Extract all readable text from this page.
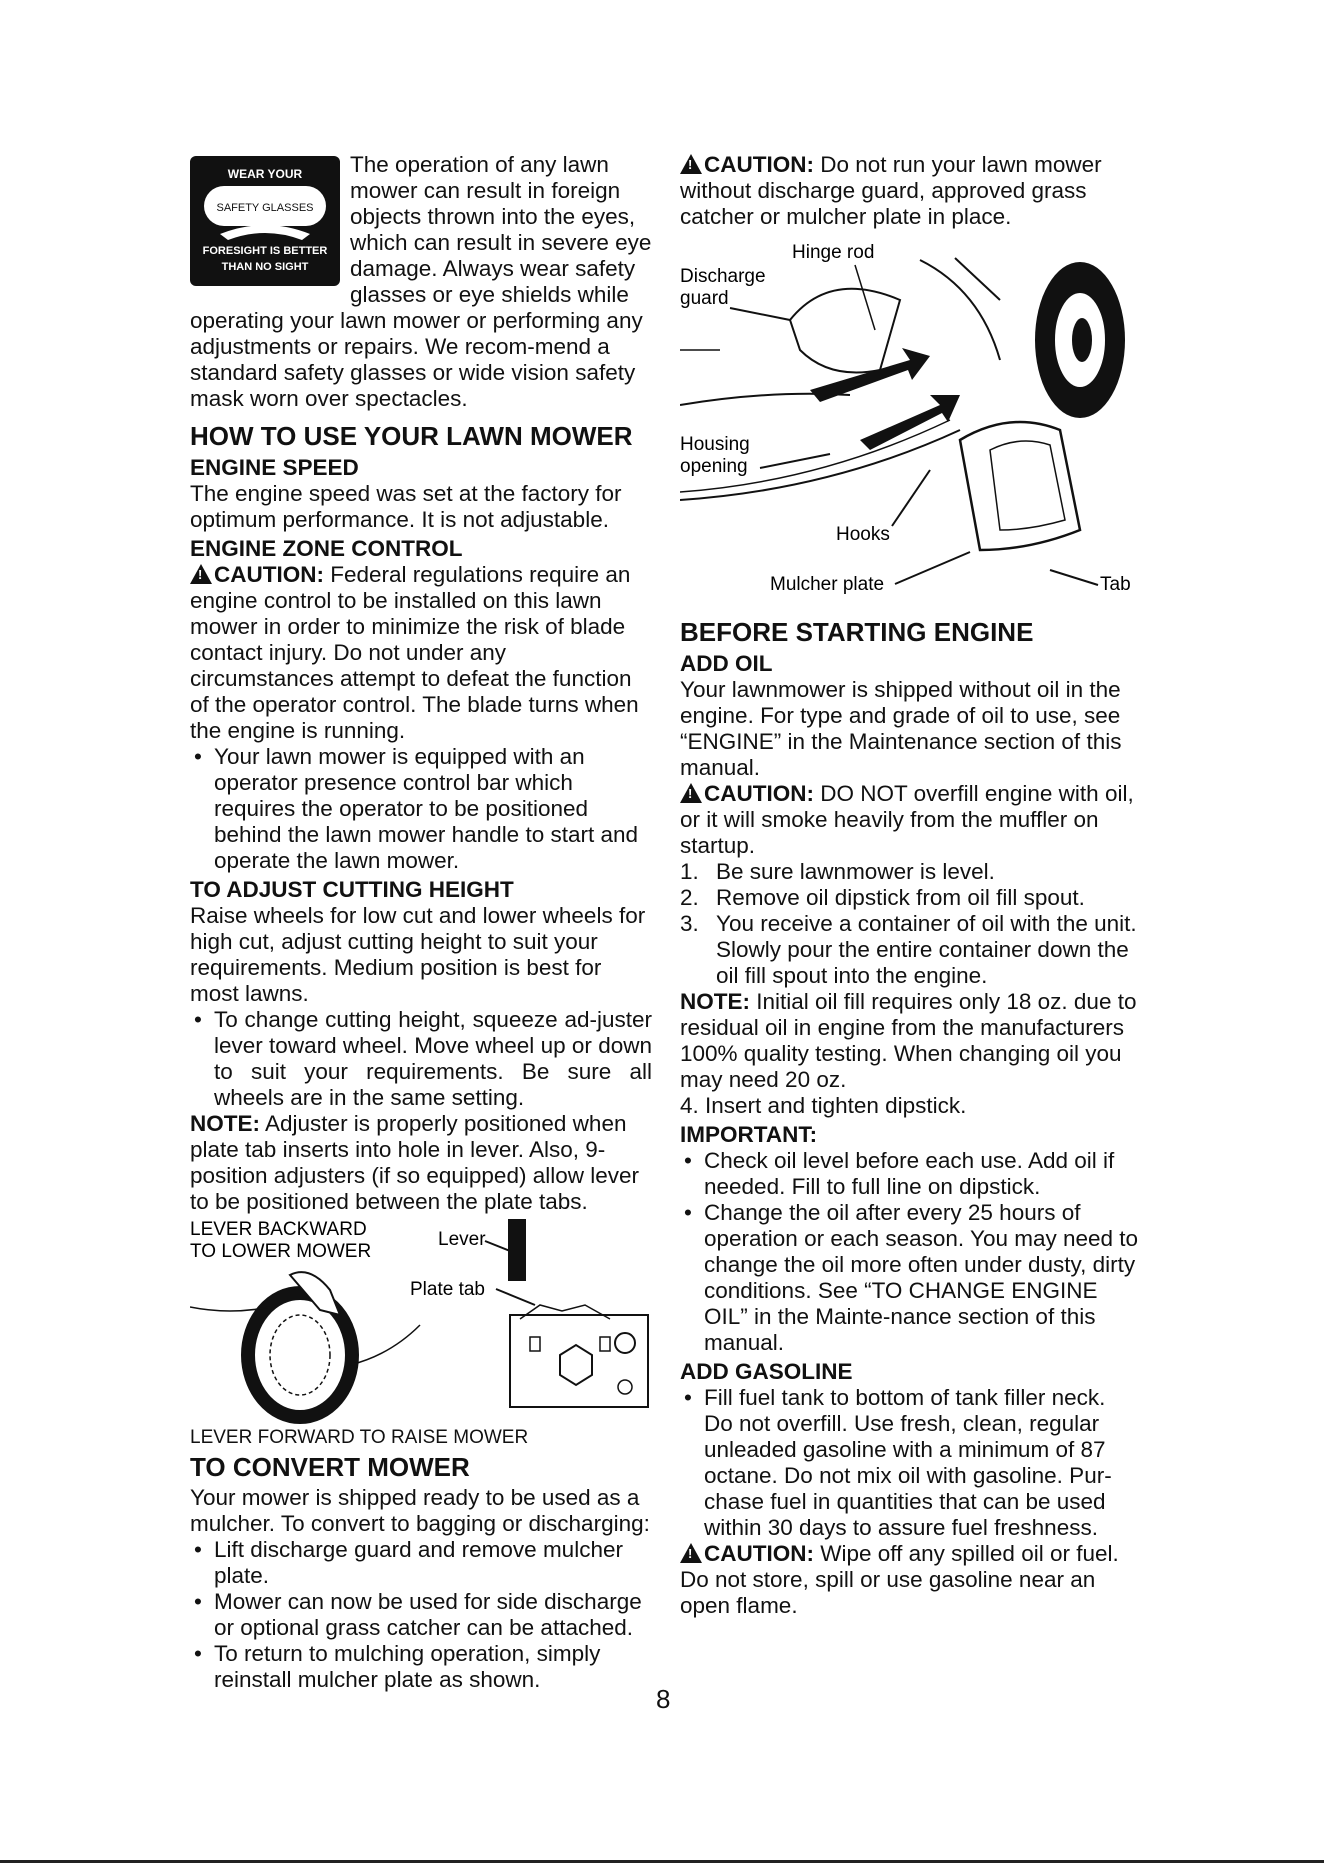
WEAR YOUR
SAFETY GLASSES
FORESIGHT IS BETTER
THAN NO SIGHT

The operation of any lawn mower can result in foreign objects thrown into the eyes, which can result in severe eye damage. Always wear safety glasses or eye shields while operating your lawn mower or performing any adjustments or repairs. We recom-mend a standard safety glasses or wide vision safety mask worn over spectacles.

HOW TO USE YOUR LAWN MOWER
ENGINE SPEED

The engine speed was set at the factory for optimum performance. It is not adjustable.

ENGINE ZONE CONTROL

!CAUTION: Federal regulations require an engine control to be installed on this lawn mower in order to minimize the risk of blade contact injury. Do not under any circumstances attempt to defeat the function of the operator control. The blade turns when the engine is running.

• Your lawn mower is equipped with an operator presence control bar which requires the operator to be positioned behind the lawn mower handle to start and operate the lawn mower.

TO ADJUST CUTTING HEIGHT

Raise wheels for low cut and lower wheels for high cut, adjust cutting height to suit your requirements. Medium position is best for most lawns.

• To change cutting height, squeeze ad-juster lever toward wheel. Move wheel up or down to suit your requirements. Be sure all wheels are in the same setting.

NOTE: Adjuster is properly positioned when plate tab inserts into hole in lever. Also, 9-position adjusters (if so equipped) allow lever to be positioned between the plate tabs.

LEVER BACKWARD
TO LOWER MOWER
Lever
Plate tab

LEVER FORWARD TO RAISE MOWER

TO CONVERT MOWER

Your mower is shipped ready to be used as a mulcher. To convert to bagging or discharging:

• Lift discharge guard and remove mulcher plate.

• Mower can now be used for side discharge or optional grass catcher can be attached.

• To return to mulching operation, simply reinstall mulcher plate as shown.

!CAUTION: Do not run your lawn mower without discharge guard, approved grass catcher or mulcher plate in place.

Hinge rod
Discharge
guard
Housing
opening
Hooks
Mulcher plate	Tab
BEFORE STARTING ENGINE
ADD OIL

Your lawnmower is shipped without oil in the engine. For type and grade of oil to use, see “ENGINE” in the Maintenance section of this manual.

!CAUTION: DO NOT overfill engine with oil, or it will smoke heavily from the muffler on startup.

1. Be sure lawnmower is level.

2. Remove oil dipstick from oil fill spout.

3. You receive a container of oil with the unit. Slowly pour the entire container down the oil fill spout into the engine.

NOTE: Initial oil fill requires only 18 oz. due to residual oil in engine from the manufacturers 100% quality testing. When changing oil you may need 20 oz.

4. Insert and tighten dipstick.

IMPORTANT:

• Check oil level before each use. Add oil if needed. Fill to full line on dipstick.

• Change the oil after every 25 hours of operation or each season. You may need to change the oil more often under dusty, dirty conditions. See “TO CHANGE ENGINE OIL” in the Mainte-nance section of this manual.

ADD GASOLINE

• Fill fuel tank to bottom of tank filler neck. Do not overfill. Use fresh, clean, regular unleaded gasoline with a minimum of 87 octane. Do not mix oil with gasoline. Pur-chase fuel in quantities that can be used within 30 days to assure fuel freshness.

!CAUTION: Wipe off any spilled oil or fuel. Do not store, spill or use gasoline near an open flame.

8
